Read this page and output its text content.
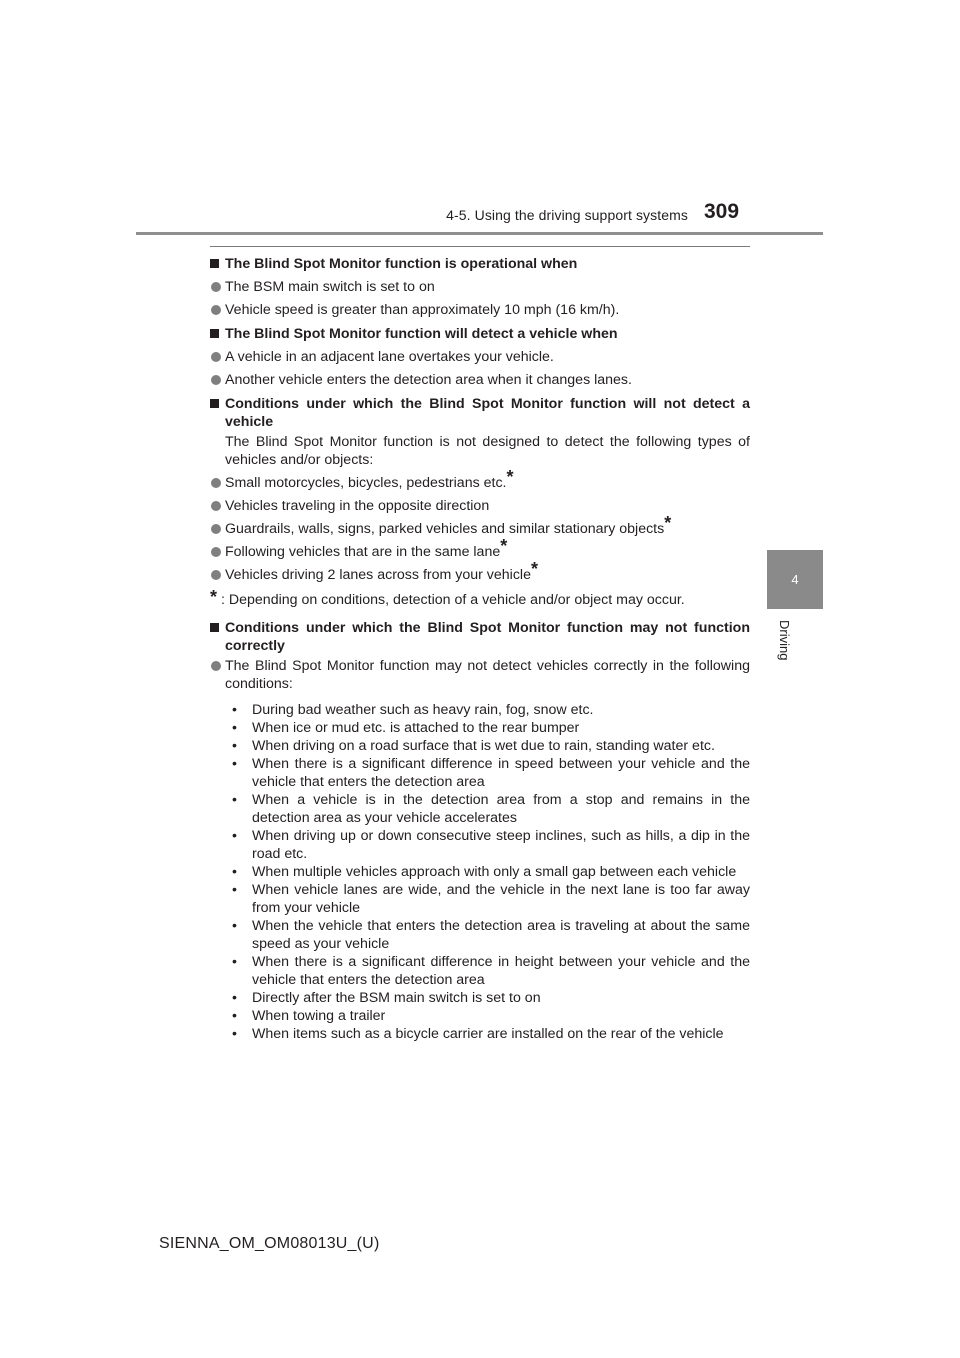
4-5. Using the driving support systems 309
4
Driving
The Blind Spot Monitor function is operational when
The BSM main switch is set to on
Vehicle speed is greater than approximately 10 mph (16 km/h).
The Blind Spot Monitor function will detect a vehicle when
A vehicle in an adjacent lane overtakes your vehicle.
Another vehicle enters the detection area when it changes lanes.
Conditions under which the Blind Spot Monitor function will not detect a vehicle
The Blind Spot Monitor function is not designed to detect the following types of vehicles and/or objects:
Small motorcycles, bicycles, pedestrians etc.*
Vehicles traveling in the opposite direction
Guardrails, walls, signs, parked vehicles and similar stationary objects*
Following vehicles that are in the same lane*
Vehicles driving 2 lanes across from your vehicle*
* : Depending on conditions, detection of a vehicle and/or object may occur.
Conditions under which the Blind Spot Monitor function may not function correctly
The Blind Spot Monitor function may not detect vehicles correctly in the following conditions:
• During bad weather such as heavy rain, fog, snow etc.
• When ice or mud etc. is attached to the rear bumper
• When driving on a road surface that is wet due to rain, standing water etc.
• When there is a significant difference in speed between your vehicle and the vehicle that enters the detection area
• When a vehicle is in the detection area from a stop and remains in the detection area as your vehicle accelerates
• When driving up or down consecutive steep inclines, such as hills, a dip in the road etc.
• When multiple vehicles approach with only a small gap between each vehicle
• When vehicle lanes are wide, and the vehicle in the next lane is too far away from your vehicle
• When the vehicle that enters the detection area is traveling at about the same speed as your vehicle
• When there is a significant difference in height between your vehicle and the vehicle that enters the detection area
• Directly after the BSM main switch is set to on
• When towing a trailer
• When items such as a bicycle carrier are installed on the rear of the vehicle
SIENNA_OM_OM08013U_(U)
